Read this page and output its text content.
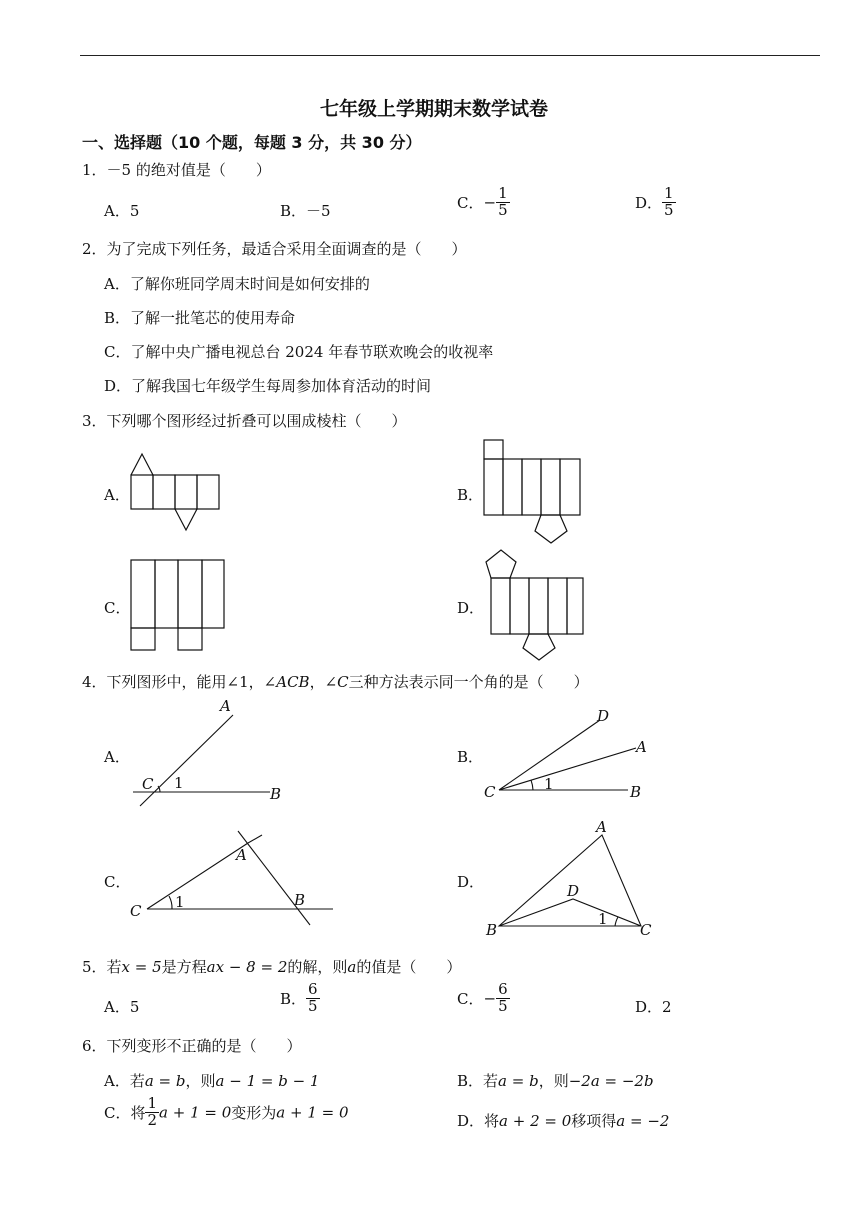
七年级上学期期末数学试卷
一、选择题（10 个题，每题 3 分，共 30 分）
1．－5 的绝对值是（　　）
A．5	B．－5	C．− $\frac{1}{5}$	D． $\frac{1}{5}$
2．为了完成下列任务，最适合采用全面调查的是（　　）
A．了解你班同学周末时间是如何安排的
B．了解一批笔芯的使用寿命
C．了解中央广播电视总台 2024 年春节联欢晚会的收视率
D．了解我国七年级学生每周参加体育活动的时间
3．下列哪个图形经过折叠可以围成棱柱（　　）
A．	B．
C．	D．
4．下列图形中，能用∠1，∠ACB，∠C三种方法表示同一个角的是（　　）
A．	B．
C．	D．
A
C 1
B
D
A
C	1	B
A
C 1	B
A
D
1
B	C
5．若x = 5是方程ax − 8 = 2的解，则a的值是（　　）
A．5	B． $\frac{6}{5}$	C．− $\frac{6}{5}$	D．2
6．下列变形不正确的是（　　）
A．若a = b，则a − 1 = b − 1	B．若a = b，则−2a = −2b
C．将 $\frac{1}{2}$ a + 1 = 0变形为a + 1 = 0	D．将a + 2 = 0移项得a = −2
